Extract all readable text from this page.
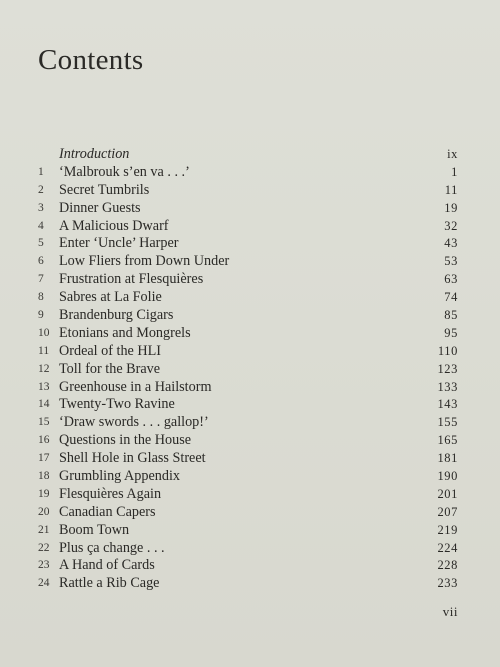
Contents
Introduction	ix
1	‘Malbrouk s’en va . . .’	1
2	Secret Tumbrils	11
3	Dinner Guests	19
4	A Malicious Dwarf	32
5	Enter ‘Uncle’ Harper	43
6	Low Fliers from Down Under	53
7	Frustration at Flesquières	63
8	Sabres at La Folie	74
9	Brandenburg Cigars	85
10 Etonians and Mongrels	95
11 Ordeal of the HLI	110
12 Toll for the Brave	123
13 Greenhouse in a Hailstorm	133
14 Twenty-Two Ravine	143
15 ‘Draw swords . . . gallop!’	155
16 Questions in the House	165
17 Shell Hole in Glass Street	181
18 Grumbling Appendix	190
19 Flesquières Again	201
20 Canadian Capers	207
21 Boom Town	219
22 Plus ça change . . .	224
23 A Hand of Cards	228
24 Rattle a Rib Cage	233
vii
